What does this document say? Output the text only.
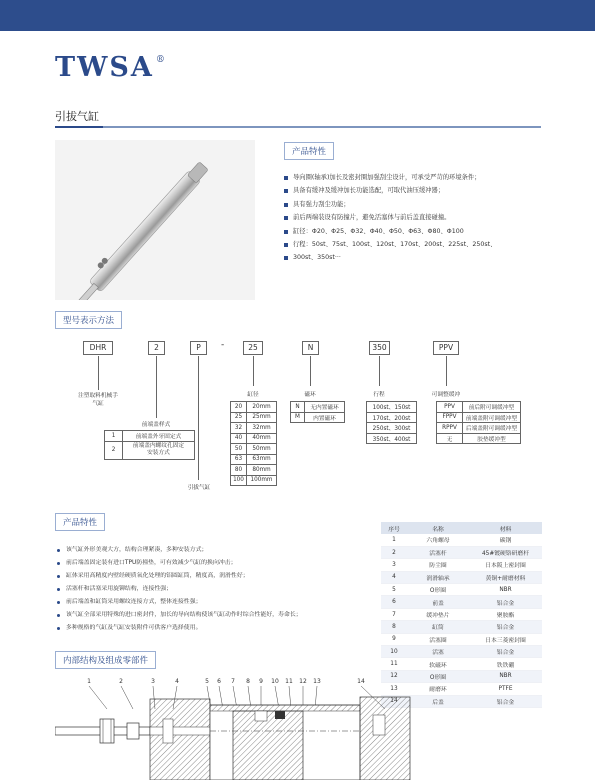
TWSA ®
引拔气缸
产品特性
导向圈(轴承)加长及密封圈加强刮尘设计，可承受严苛的环境条件；
具备有缓冲及缓冲加长功能选配，可取代油压缓冲器；
具有强力刮尘功能；
前后两端装设有防撞片，避免活塞体与前后盖直接碰撞。
缸径：Φ20、Φ25、Φ32、Φ40、Φ50、Φ63、Φ80、Φ100
行程：50st、75st、100st、120st、170st、200st、225st、250st、
300st、350st···
型号表示方法
DHR	2	P	-	25	N	350	PPV
注塑取料机械手
气缸
前端盖样式
引拔气缸
缸径	磁环	行程	可调整缓冲
1	前端盖外牙固定式
2	前端盖内螺纹孔固定
安装方式
20	20mm
25	25mm
32	32mm
40	40mm
50	50mm
63	63mm
80	80mm
100	100mm
N	无内置磁环
M	内置磁环
100st、150st
170st、200st
250st、300st
350st、400st
PPV	前后附可调缓冲型
FPPV	前端盖附可调缓冲型
RPPV	后端盖附可调缓冲型
无	胶垫缓冲型
产品特性
该气缸外形美观大方，结构合理紧凑，多种安装方式；
前后端盖固定装有进口TPU防撞垫，可有效减少气缸的换向冲击；
缸体采用高精度内壁经硬质氧化处理的铝圆缸筒，精度高，润滑性好；
活塞杆和活塞采用旋铆结构，连接性强；
前后端盖和缸筒采用螺纹连接方式，整体连接性强；
该气缸全部采用特殊的进口密封件，加长的导向结构使该气缸动作时综合性能好，寿命长；
多种规格的气缸及气缸安装附件可供客户选择使用。
序号	名称	材料
1	六角螺母	碳钢
2	活塞杆	45#镀硬铬研磨杆
3	防尘圈	日本阪上密封圈
4	润滑轴承	黄铜+耐磨材料
5	O形圈	NBR
6	前盖	铝合金
7	缓冲垫片	聚胺酯
8	缸筒	铝合金
9	活塞圈	日本三菱密封圈
10	活塞	铝合金
11	软磁环	铁铁硼
12	O形圈	NBR
13	耐磨环	PTFE
	后盖	铝合金
内部结构及组成零部件
1	2	3	4	5 6 7 8 9 10 11 12 13	14
